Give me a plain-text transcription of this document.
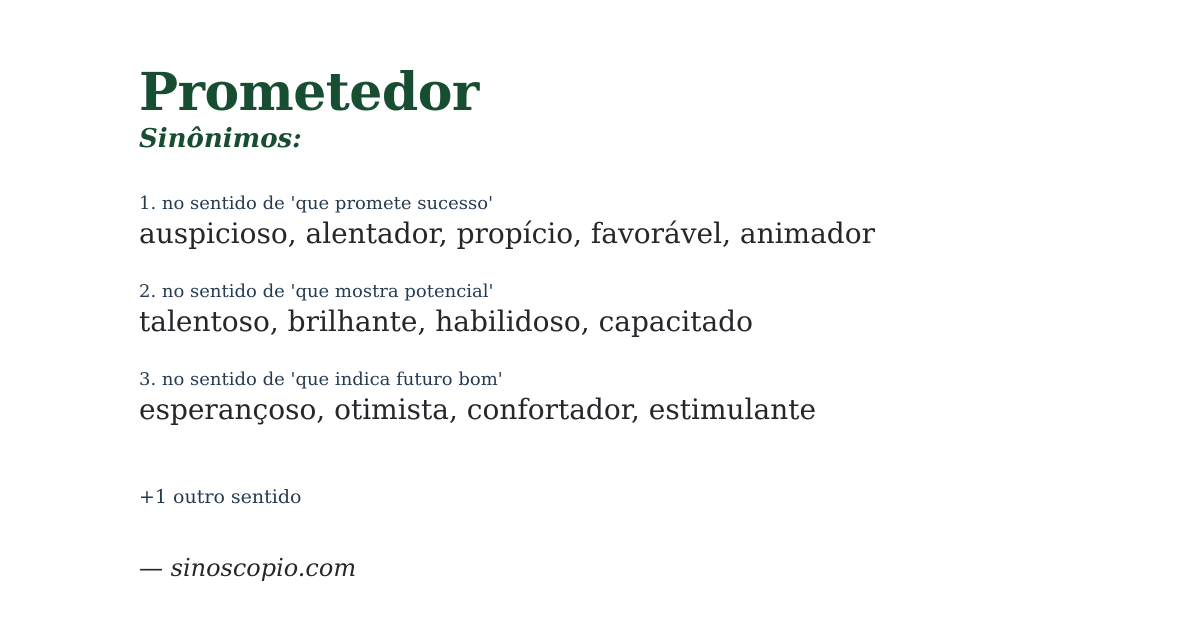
Prometedor
Sinônimos:
1. no sentido de 'que promete sucesso'
auspicioso, alentador, propício, favorável, animador
2. no sentido de 'que mostra potencial'
talentoso, brilhante, habilidoso, capacitado
3. no sentido de 'que indica futuro bom'
esperançoso, otimista, confortador, estimulante
+1 outro sentido
— sinoscopio.com
